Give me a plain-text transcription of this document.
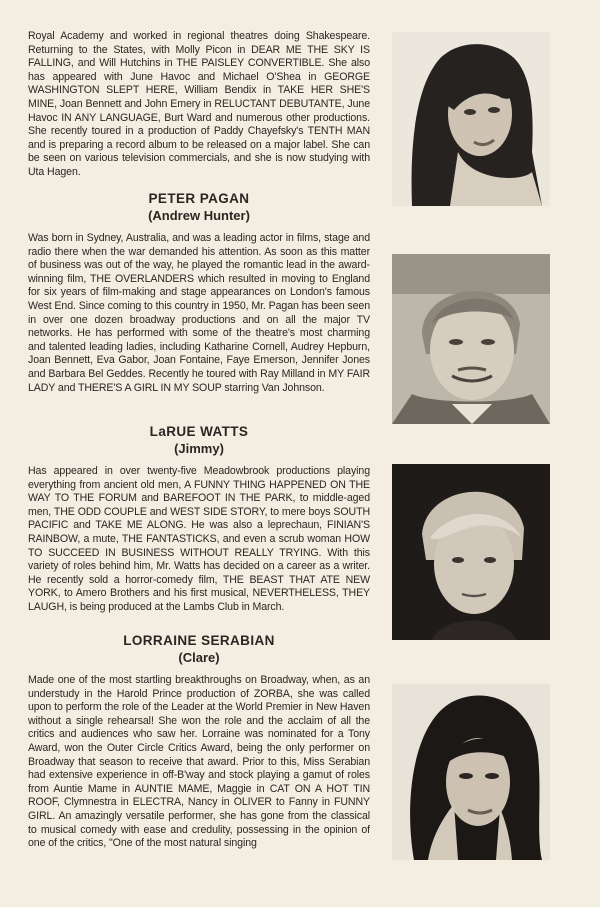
Royal Academy and worked in regional theatres doing Shakespeare. Returning to the States, with Molly Picon in DEAR ME THE SKY IS FALLING, and Will Hutchins in THE PAISLEY CONVERTIBLE. She also has appeared with June Havoc and Michael O'Shea in GEORGE WASHINGTON SLEPT HERE, William Bendix in TAKE HER SHE'S MINE, Joan Bennett and John Emery in RELUCTANT DEBUTANTE, June Havoc IN ANY LANGUAGE, Burt Ward and numerous other productions. She recently toured in a production of Paddy Chayefsky's TENTH MAN and is preparing a record album to be released on a major label. She can be seen on various television commercials, and she is now studying with Uta Hagen.

PETER PAGAN

(Andrew Hunter)

Was born in Sydney, Australia, and was a leading actor in films, stage and radio there when the war demanded his attention. As soon as this matter of business was out of the way, he played the romantic lead in the award-winning film, THE OVERLANDERS which resulted in moving to England for six years of film-making and stage appearances on London's famous West End. Since coming to this country in 1950, Mr. Pagan has been seen in over one dozen broadway productions and on all the major TV networks. He has performed with some of the theatre's most charming and talented leading ladies, including Katharine Cornell, Audrey Hepburn, Joan Bennett, Eva Gabor, Joan Fontaine, Faye Emerson, Jennifer Jones and Barbara Bel Geddes. Recently he toured with Ray Milland in MY FAIR LADY and THERE'S A GIRL IN MY SOUP starring Van Johnson.

LaRUE WATTS

(Jimmy)

Has appeared in over twenty-five Meadowbrook productions playing everything from ancient old men, A FUNNY THING HAPPENED ON THE WAY TO THE FORUM and BAREFOOT IN THE PARK, to middle-aged men, THE ODD COUPLE and WEST SIDE STORY, to mere boys SOUTH PACIFIC and TAKE ME ALONG. He was also a leprechaun, FINIAN'S RAINBOW, a mute, THE FANTASTICKS, and even a scrub woman HOW TO SUCCEED IN BUSINESS WITHOUT REALLY TRYING. With this variety of roles behind him, Mr. Watts has decided on a career as a writer. He recently sold a horror-comedy film, THE BEAST THAT ATE NEW YORK, to Amero Brothers and his first musical, NEVERTHELESS, THEY LAUGH, is being produced at the Lambs Club in March.

LORRAINE SERABIAN

(Clare)

Made one of the most startling breakthroughs on Broadway, when, as an understudy in the Harold Prince production of ZORBA, she was called upon to perform the role of the Leader at the World Premier in New Haven without a single rehearsal! She won the role and the acclaim of all the critics and audiences who saw her. Lorraine was nominated for a Tony Award, won the Outer Circle Critics Award, being the only performer on Broadway that season to receive that award. Prior to this, Miss Serabian had extensive experience in off-B'way and stock playing a gamut of roles from Auntie Mame in AUNTIE MAME, Maggie in CAT ON A HOT TIN ROOF, Clymnestra in ELECTRA, Nancy in OLIVER to Fanny in FUNNY GIRL. An amazingly versatile performer, she has gone from the classical to musical comedy with ease and credulity, possessing in the opinion of one of the critics, "One of the most natural singing
